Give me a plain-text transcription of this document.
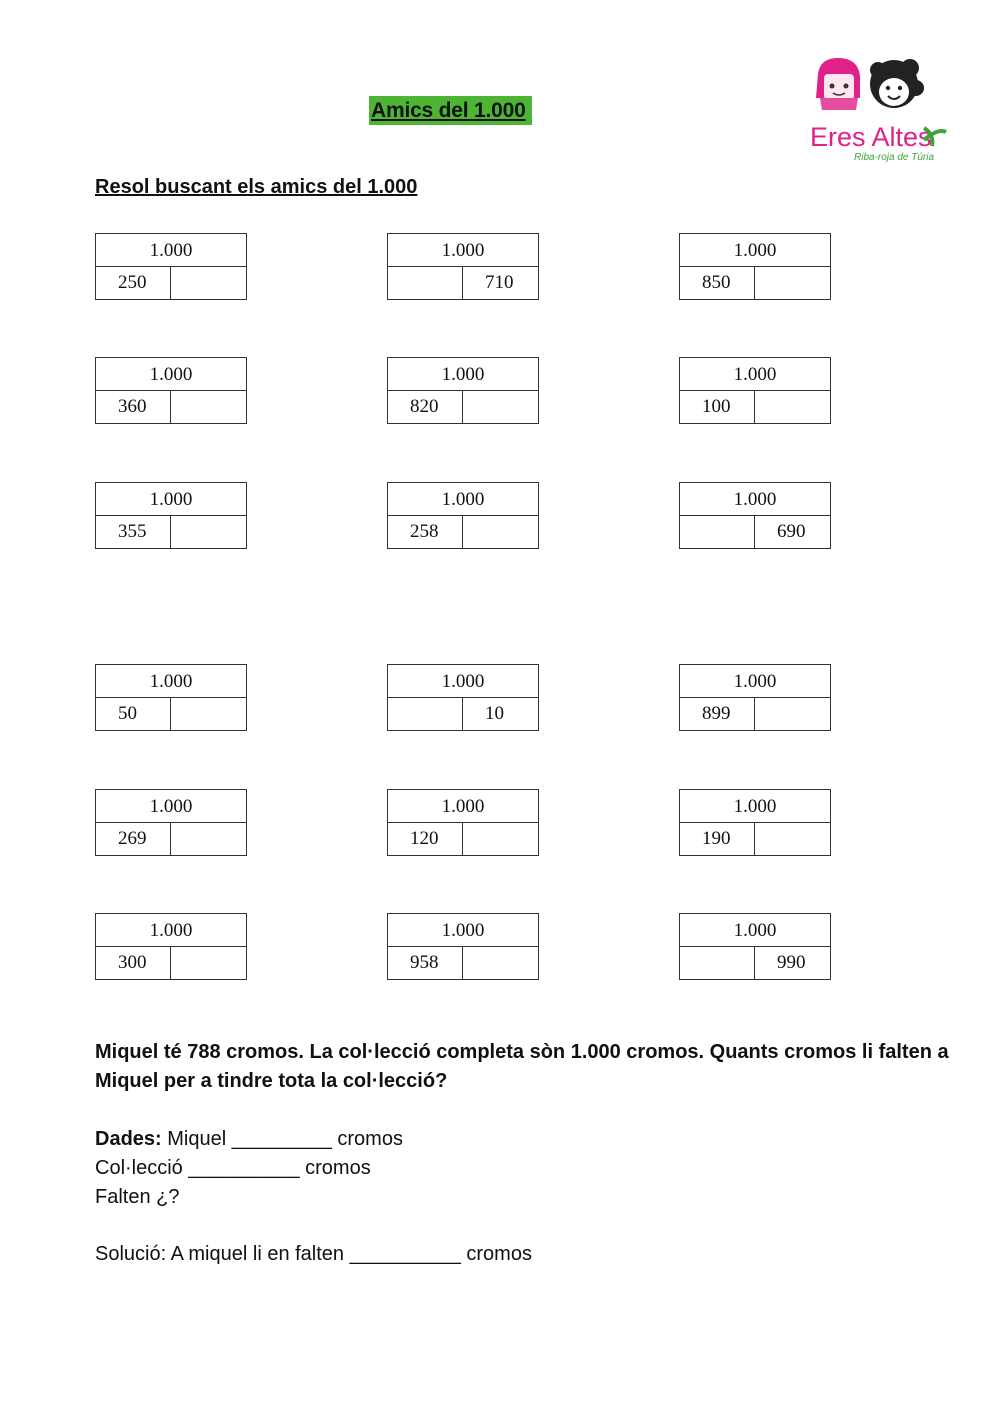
Amics del 1.000
Eres Altes
Riba-roja de Túria
Resol buscant els amics del 1.000
1.000
250
1.000
710
1.000
850
1.000
360
1.000
820
1.000
100
1.000
355
1.000
258
1.000
690
1.000
50
1.000
10
1.000
899
1.000
269
1.000
120
1.000
190
1.000
300
1.000
958
1.000
990
Miquel té 788 cromos. La col·lecció completa sòn 1.000 cromos. Quants cromos li falten a Miquel per a tindre tota la col·lecció?
Dades: Miquel _________ cromos
Col·lecció __________ cromos
Falten ¿?
Solució: A miquel li en falten __________ cromos
